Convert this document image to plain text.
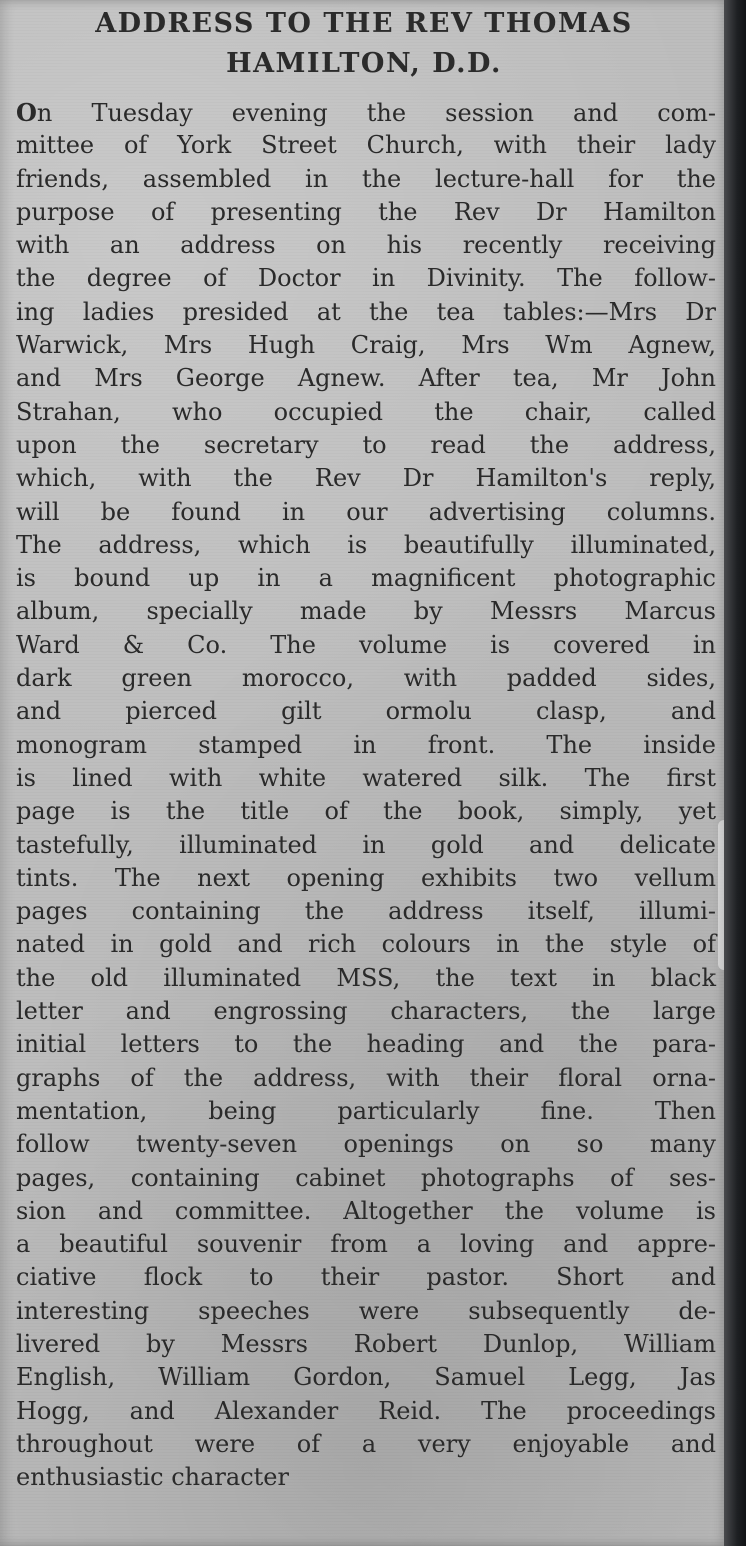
ADDRESS TO THE REV THOMAS
HAMILTON, D.D.
On Tuesday evening the session and com-
mittee of York Street Church, with their lady
friends, assembled in the lecture-hall for the
purpose of presenting the Rev Dr Hamilton
with an address on his recently receiving
the degree of Doctor in Divinity. The follow-
ing ladies presided at the tea tables:—Mrs Dr
Warwick, Mrs Hugh Craig, Mrs Wm Agnew,
and Mrs George Agnew. After tea, Mr John
Strahan, who occupied the chair, called
upon the secretary to read the address,
which, with the Rev Dr Hamilton's reply,
will be found in our advertising columns.
The address, which is beautifully illuminated,
is bound up in a magnificent photographic
album, specially made by Messrs Marcus
Ward & Co. The volume is covered in
dark green morocco, with padded sides,
and pierced gilt ormolu clasp, and
monogram stamped in front. The inside
is lined with white watered silk. The first
page is the title of the book, simply, yet
tastefully, illuminated in gold and delicate
tints. The next opening exhibits two vellum
pages containing the address itself, illumi-
nated in gold and rich colours in the style of
the old illuminated MSS, the text in black
letter and engrossing characters, the large
initial letters to the heading and the para-
graphs of the address, with their floral orna-
mentation, being particularly fine. Then
follow twenty-seven openings on so many
pages, containing cabinet photographs of ses-
sion and committee. Altogether the volume is
a beautiful souvenir from a loving and appre-
ciative flock to their pastor. Short and
interesting speeches were subsequently de-
livered by Messrs Robert Dunlop, William
English, William Gordon, Samuel Legg, Jas
Hogg, and Alexander Reid. The proceedings
throughout were of a very enjoyable and
enthusiastic character
